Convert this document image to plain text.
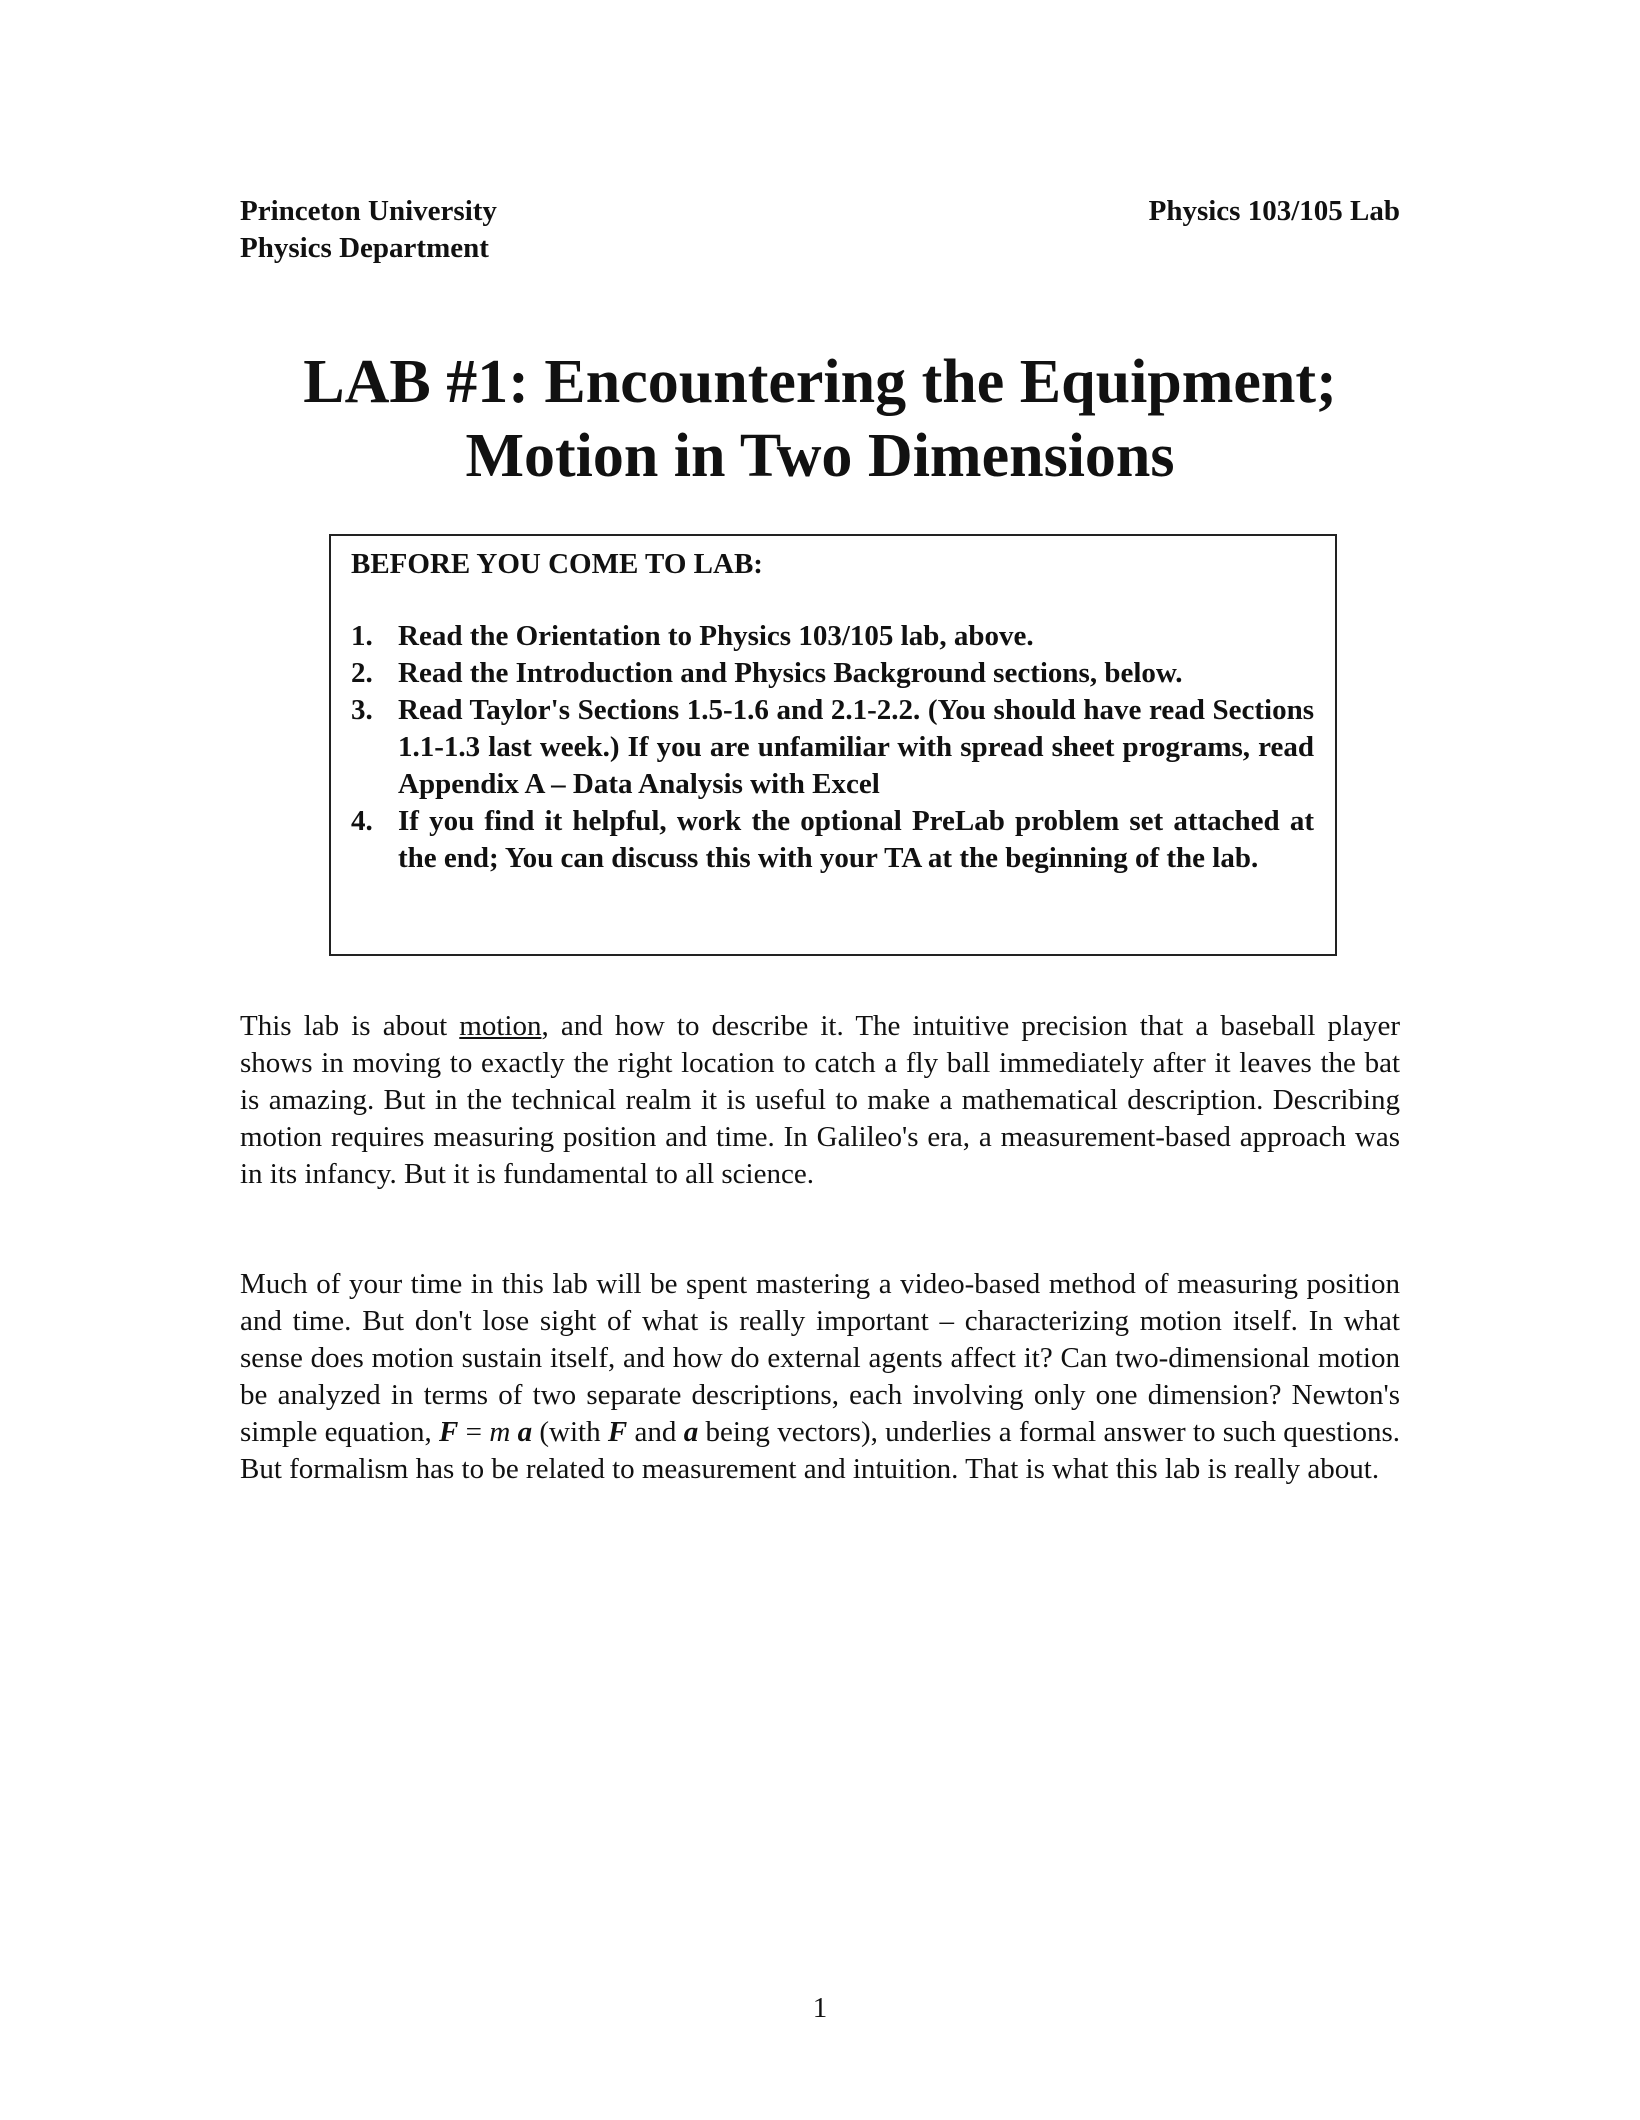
Princeton University
Physics Department
Physics 103/105 Lab
LAB #1: Encountering the Equipment;
Motion in Two Dimensions
BEFORE YOU COME TO LAB:
1. Read the Orientation to Physics 103/105 lab, above.
2. Read the Introduction and Physics Background sections, below.
3. Read Taylor's Sections 1.5-1.6 and 2.1-2.2. (You should have read Sections 1.1-1.3 last week.) If you are unfamiliar with spread sheet programs, read Appendix A – Data Analysis with Excel
4. If you find it helpful, work the optional PreLab problem set attached at the end; You can discuss this with your TA at the beginning of the lab.

This lab is about motion, and how to describe it. The intuitive precision that a baseball player shows in moving to exactly the right location to catch a fly ball immediately after it leaves the bat is amazing. But in the technical realm it is useful to make a mathematical description. Describing motion requires measuring position and time. In Galileo's era, a measurement-based approach was in its infancy. But it is fundamental to all science.

Much of your time in this lab will be spent mastering a video-based method of measuring position and time. But don't lose sight of what is really important – characterizing motion itself. In what sense does motion sustain itself, and how do external agents affect it? Can two-dimensional motion be analyzed in terms of two separate descriptions, each involving only one dimension? Newton's simple equation, F = m a (with F and a being vectors), underlies a formal answer to such questions. But formalism has to be related to measurement and intuition. That is what this lab is really about.

1
